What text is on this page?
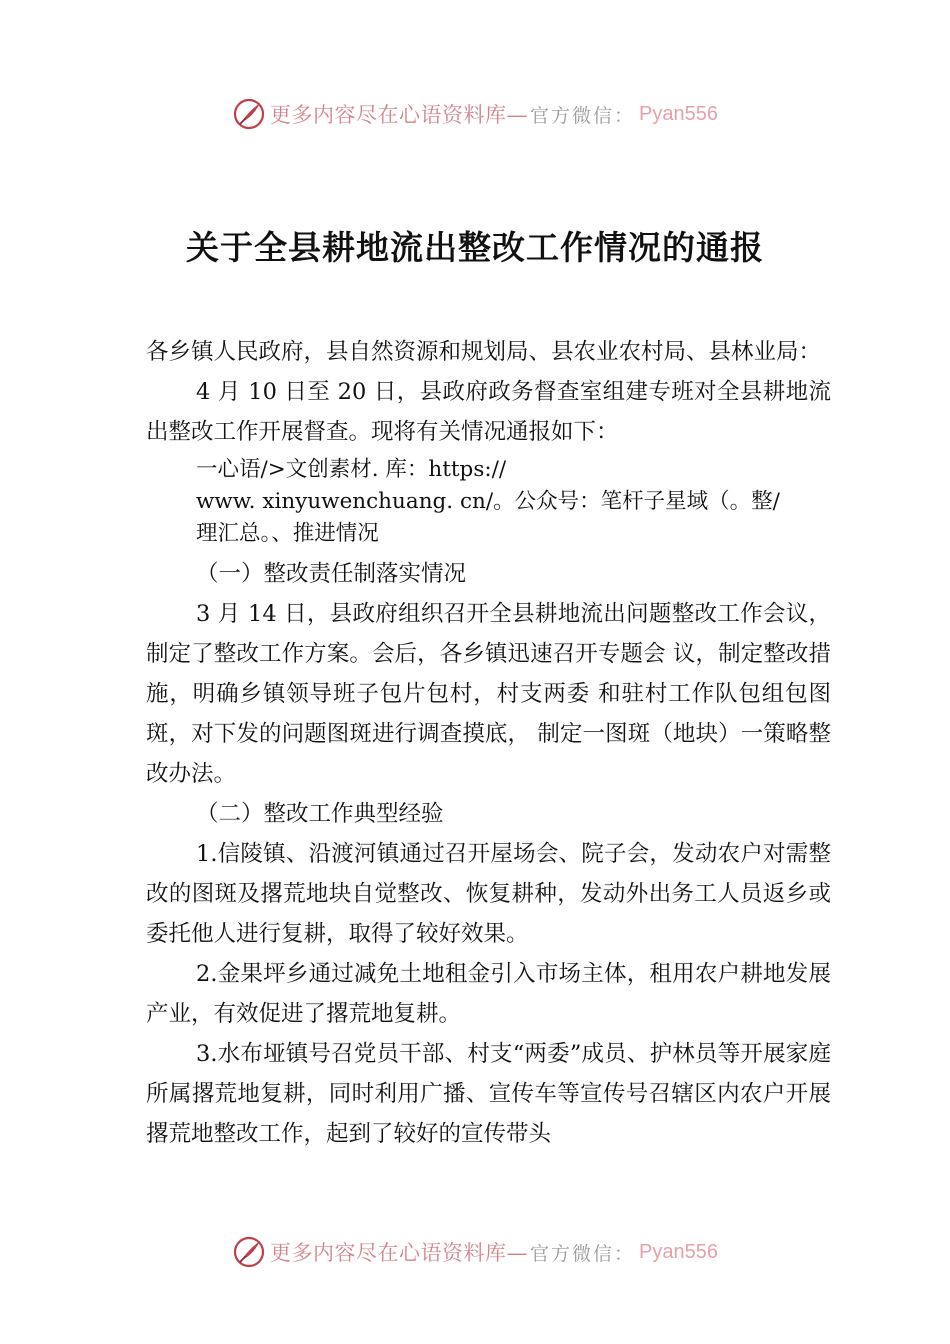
更多内容尽在心语资料库— 官方微信： Pyan556
关于全县耕地流出整改工作情况的通报

各乡镇人民政府，县自然资源和规划局、县农业农村局、县林业局：

4 月 10 日至 20 日，县政府政务督查室组建专班对全县耕地流出整改工作开展督查。现将有关情况通报如下：

一心语/>文创素材. 库：https://
www. xinyuwenchuang. cn/。公众号：笔杆子星域（。整/
理汇总。、推进情况

（一）整改责任制落实情况

3 月 14 日，县政府组织召开全县耕地流出问题整改工作会议，制定了整改工作方案。会后，各乡镇迅速召开专题会 议，制定整改措施，明确乡镇领导班子包片包村，村支两委 和驻村工作队包组包图斑，对下发的问题图斑进行调查摸底， 制定一图斑（地块）一策略整改办法。

（二）整改工作典型经验

1.信陵镇、沿渡河镇通过召开屋场会、院子会，发动农户对需整改的图斑及撂荒地块自觉整改、恢复耕种，发动外出务工人员返乡或委托他人进行复耕，取得了较好效果。

2.金果坪乡通过减免土地租金引入市场主体，租用农户耕地发展产业，有效促进了撂荒地复耕。

3.水布垭镇号召党员干部、村支“两委”成员、护林员等开展家庭所属撂荒地复耕，同时利用广播、宣传车等宣传号召辖区内农户开展撂荒地整改工作，起到了较好的宣传带头

更多内容尽在心语资料库— 官方微信： Pyan556
